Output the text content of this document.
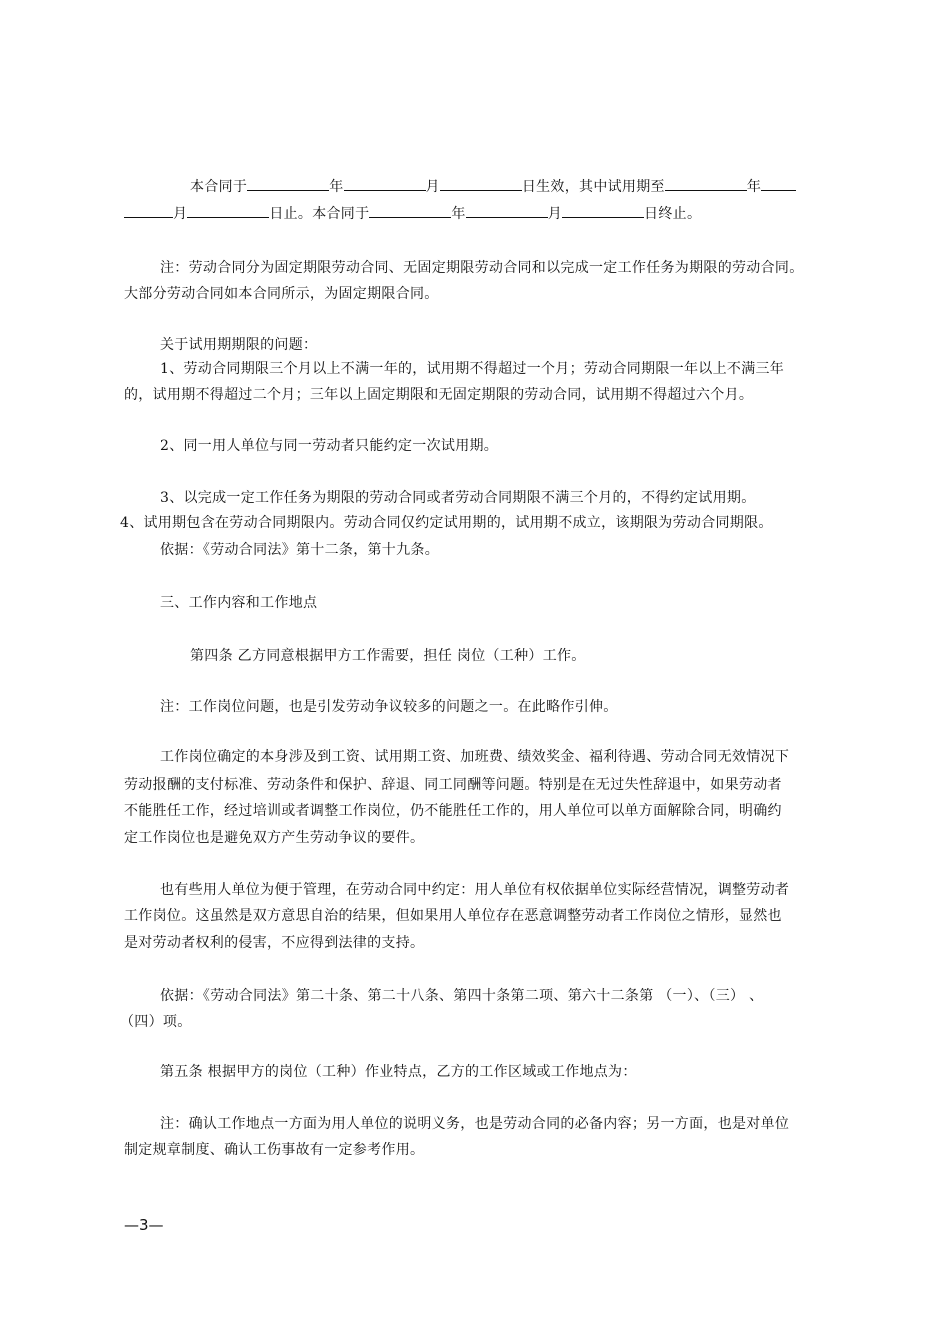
本合同于	年	月	日生效，其中试用期至	年
月	日止。本合同于	年	月	日终止。
注：劳动合同分为固定期限劳动合同、无固定期限劳动合同和以完成一定工作任务为期限的劳动合同。
大部分劳动合同如本合同所示，为固定期限合同。
关于试用期期限的问题：
1、劳动合同期限三个月以上不满一年的，试用期不得超过一个月；劳动合同期限一年以上不满三年
的，试用期不得超过二个月；三年以上固定期限和无固定期限的劳动合同，试用期不得超过六个月。
2、同一用人单位与同一劳动者只能约定一次试用期。
3、以完成一定工作任务为期限的劳动合同或者劳动合同期限不满三个月的，不得约定试用期。
4、试用期包含在劳动合同期限内。劳动合同仅约定试用期的，试用期不成立，该期限为劳动合同期限。
依据：《劳动合同法》第十二条，第十九条。
三、工作内容和工作地点
第四条 乙方同意根据甲方工作需要，担任 岗位（工种）工作。
注：工作岗位问题，也是引发劳动争议较多的问题之一。在此略作引伸。
工作岗位确定的本身涉及到工资、试用期工资、加班费、绩效奖金、福利待遇、劳动合同无效情况下
劳动报酬的支付标准、劳动条件和保护、辞退、同工同酬等问题。特别是在无过失性辞退中，如果劳动者
不能胜任工作，经过培训或者调整工作岗位，仍不能胜任工作的，用人单位可以单方面解除合同，明确约
定工作岗位也是避免双方产生劳动争议的要件。
也有些用人单位为便于管理，在劳动合同中约定：用人单位有权依据单位实际经营情况，调整劳动者
工作岗位。这虽然是双方意思自治的结果，但如果用人单位存在恶意调整劳动者工作岗位之情形，显然也
是对劳动者权利的侵害，不应得到法律的支持。
依据：《劳动合同法》第二十条、第二十八条、第四十条第二项、第六十二条第 （一）、（三） 、
（四）项。
第五条 根据甲方的岗位（工种）作业特点，乙方的工作区域或工作地点为：
注：确认工作地点一方面为用人单位的说明义务，也是劳动合同的必备内容；另一方面，也是对单位
制定规章制度、确认工伤事故有一定参考作用。
—3—
